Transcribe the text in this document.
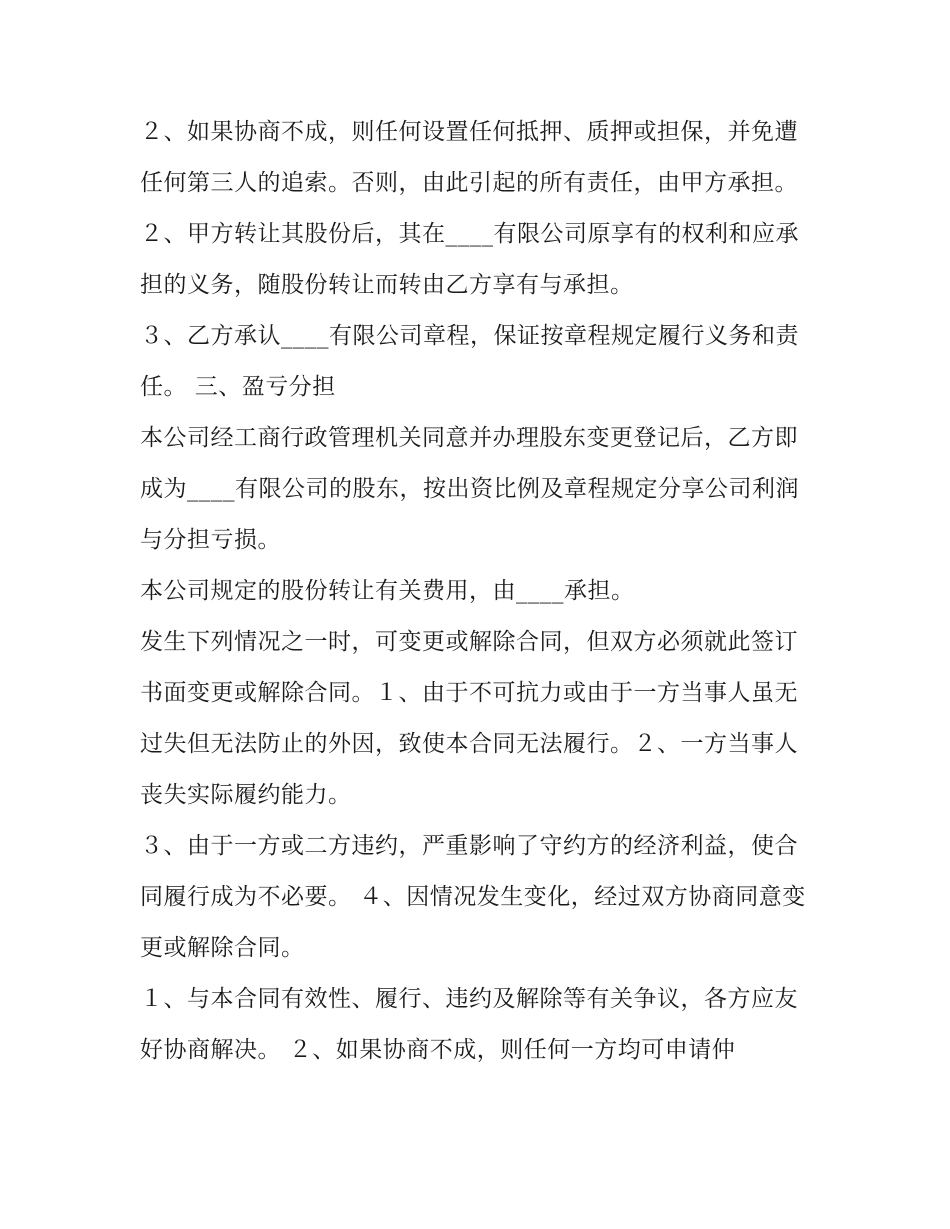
２、如果协商不成，则任何设置任何抵押、质押或担保，并免遭任何第三人的追索。否则，由此引起的所有责任，由甲方承担。

２、甲方转让其股份后，其在____有限公司原享有的权利和应承担的义务，随股份转让而转由乙方享有与承担。

３、乙方承认____有限公司章程，保证按章程规定履行义务和责任。 三、盈亏分担

本公司经工商行政管理机关同意并办理股东变更登记后，乙方即成为____有限公司的股东，按出资比例及章程规定分享公司利润与分担亏损。

本公司规定的股份转让有关费用，由____承担。

发生下列情况之一时，可变更或解除合同，但双方必须就此签订书面变更或解除合同。１、由于不可抗力或由于一方当事人虽无过失但无法防止的外因，致使本合同无法履行。２、一方当事人丧失实际履约能力。

３、由于一方或二方违约，严重影响了守约方的经济利益，使合同履行成为不必要。 ４、因情况发生变化，经过双方协商同意变更或解除合同。

１、与本合同有效性、履行、违约及解除等有关争议，各方应友好协商解决。 ２、如果协商不成，则任何一方均可申请仲
